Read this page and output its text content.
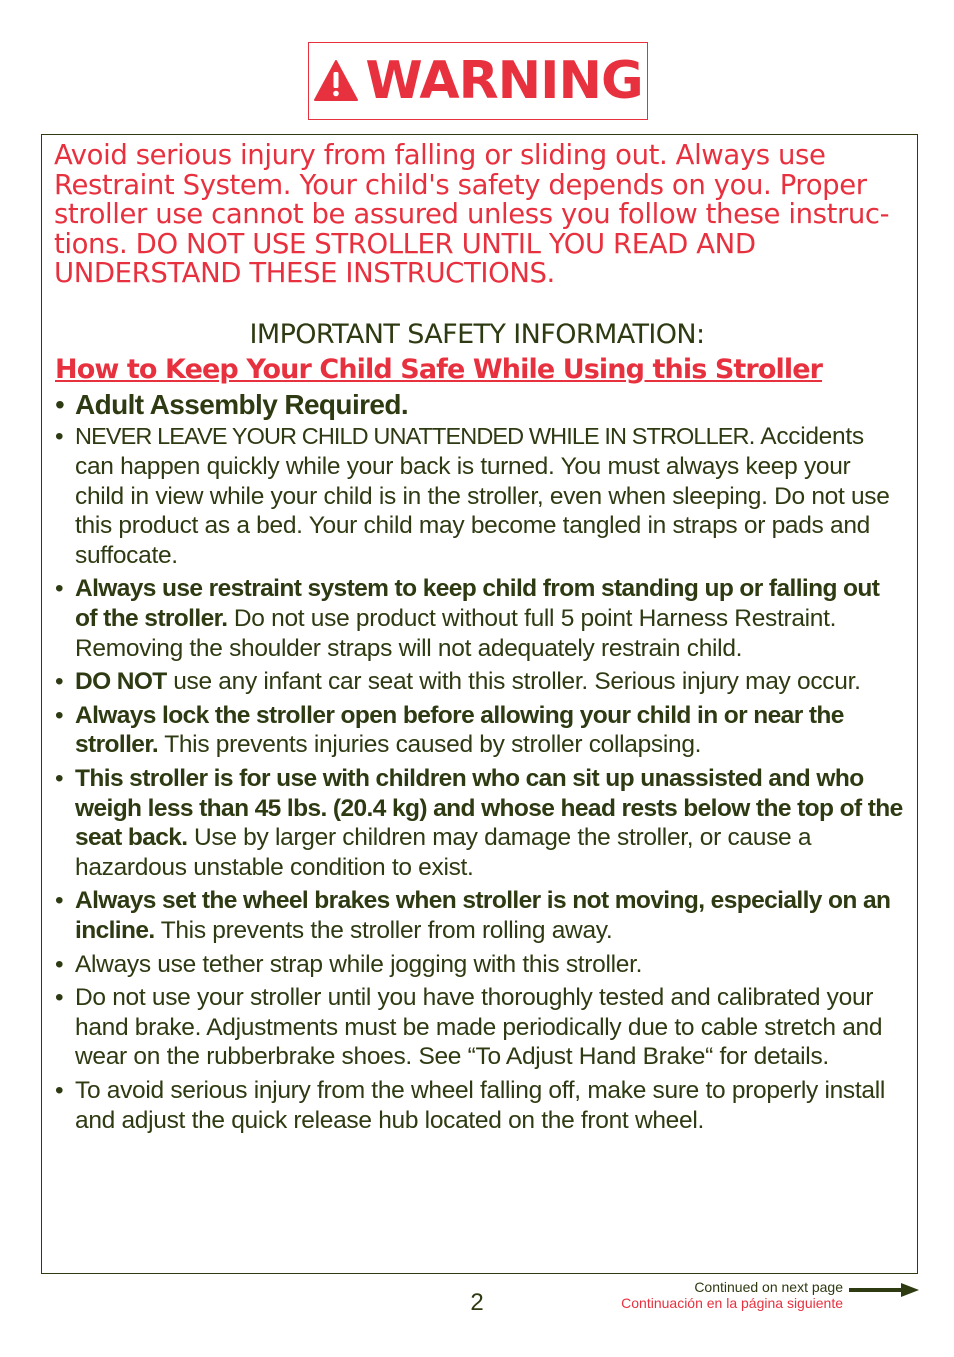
WARNING

Avoid serious injury from falling or sliding out. Always use Restraint System. Your child's safety depends on you. Proper stroller use cannot be assured unless you follow these instruc-tions. DO NOT USE STROLLER UNTIL YOU READ AND UNDERSTAND THESE INSTRUCTIONS.

IMPORTANT SAFETY INFORMATION:
How to Keep Your Child Safe While Using this Stroller
• Adult Assembly Required.
• NEVER LEAVE YOUR CHILD UNATTENDED WHILE IN STROLLER. Accidents can happen quickly while your back is turned. You must always keep your child in view while your child is in the stroller, even when sleeping. Do not use this product as a bed. Your child may become tangled in straps or pads and suffocate.
• Always use restraint system to keep child from standing up or falling out of the stroller. Do not use product without full 5 point Harness Restraint. Removing the shoulder straps will not adequately restrain child.
• DO NOT use any infant car seat with this stroller. Serious injury may occur.
• Always lock the stroller open before allowing your child in or near the stroller. This prevents injuries caused by stroller collapsing.
• This stroller is for use with children who can sit up unassisted and who weigh less than 45 lbs. (20.4 kg) and whose head rests below the top of the seat back. Use by larger children may damage the stroller, or cause a hazardous unstable condition to exist.
• Always set the wheel brakes when stroller is not moving, especially on an incline. This prevents the stroller from rolling away.
• Always use tether strap while jogging with this stroller.
• Do not use your stroller until you have thoroughly tested and calibrated your hand brake. Adjustments must be made periodically due to cable stretch and wear on the rubberbrake shoes. See “To Adjust Hand Brake“ for details.
• To avoid serious injury from the wheel falling off, make sure to properly install and adjust the quick release hub located on the front wheel.
2
Continued on next page
Continuación en la página siguiente
